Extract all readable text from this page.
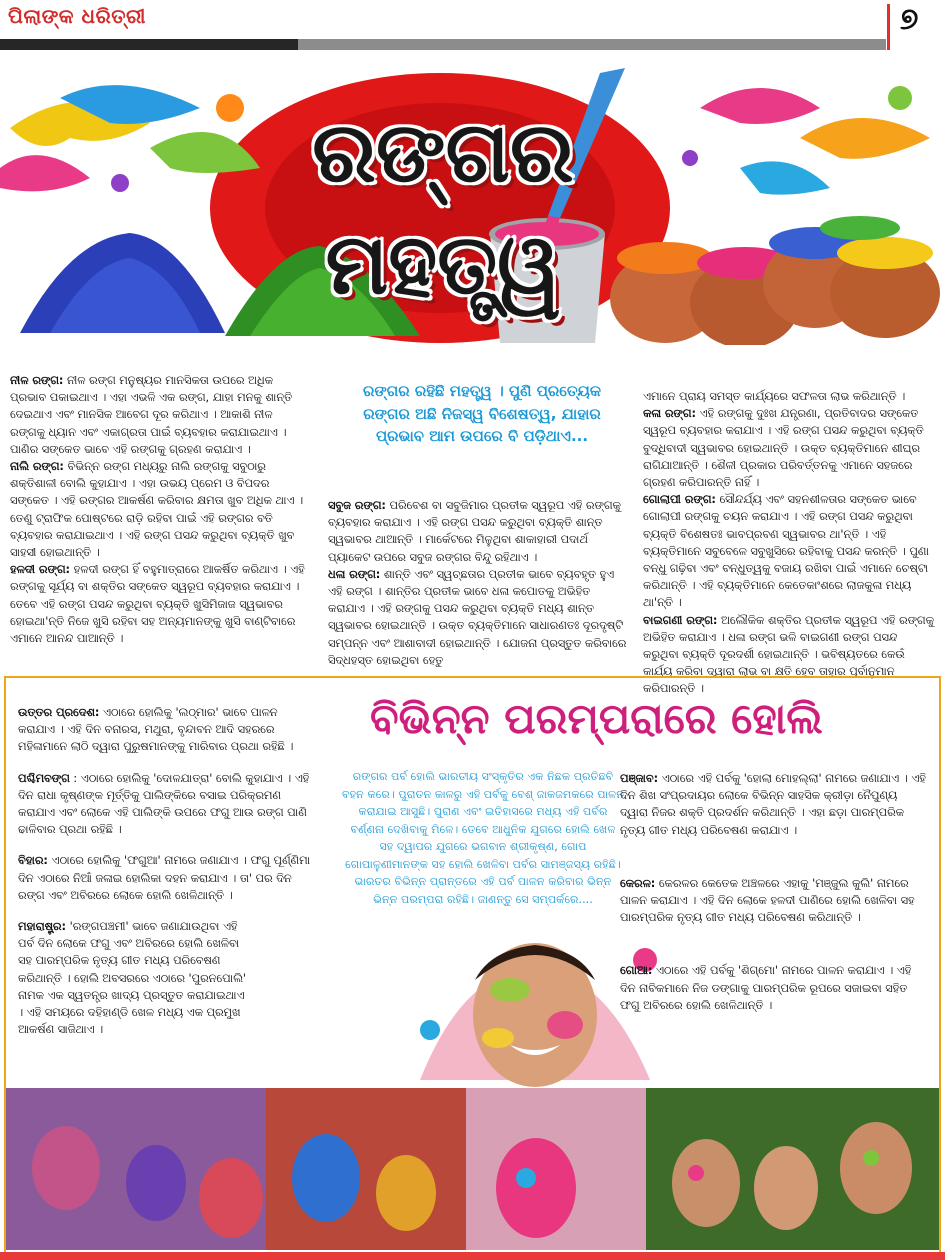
ପିଲାଙ୍କ ଧରିତ୍ରୀ	୭
ରଙ୍ଗର
ମହତ୍ତ୍ୱ

ନୀଳ ରଙ୍ଗ: ନୀଳ ରଙ୍ଗ ମନୁଷ୍ୟର ମାନସିକତା ଉପରେ ଅଧିକ ପ୍ରଭାବ ପକାଇଥାଏ । ଏହା ଏଭଳି ଏକ ରଙ୍ଗ, ଯାହା ମନକୁ ଶାନ୍ତି ଦେଇଥାଏ ଏବଂ ମାନସିକ ଆବେଗ ଦୂର କରିଥାଏ । ଆକାଶି ନୀଳ ରଙ୍ଗକୁ ଧ୍ୟାନ ଏବଂ ଏକାଗ୍ରତା ପାଇଁ ବ୍ୟବହାର କରାଯାଇଥାଏ । ପାଣିର ସଙ୍କେତ ଭାବେ ଏହି ରଙ୍ଗକୁ ଗ୍ରହଣ କରାଯାଏ ।

ନାଲି ରଙ୍ଗ: ବିଭିନ୍ନ ରଙ୍ଗ ମଧ୍ୟରୁ ନାଲି ରଙ୍ଗକୁ ସବୁଠାରୁ ଶକ୍ତିଶାଳୀ ବୋଲି କୁହାଯାଏ । ଏହା ଉଭୟ ପ୍ରେମ ଓ ବିପଦର ସଙ୍କେତ । ଏହି ରଙ୍ଗର ଆକର୍ଷଣ କରିବାର କ୍ଷମତା ଖୁବ ଅଧିକ ଥାଏ । ତେଣୁ ଟ୍ରାଫିକ ପୋଷ୍ଟରେ ରାଡ଼ି ରହିବା ପାଇଁ ଏହି ରଙ୍ଗର ବତି ବ୍ୟବହାର କରାଯାଇଥାଏ । ଏହି ରଙ୍ଗ ପସନ୍ଦ କରୁଥିବା ବ୍ୟକ୍ତି ଖୁବ ସାହସୀ ହୋଇଥାନ୍ତି ।

ହଳଦୀ ରଙ୍ଗ: ହଳଦୀ ରଙ୍ଗ ହିଁ ବହୁମାତ୍ରାରେ ଆକର୍ଷିତ କରିଥାଏ । ଏହି ରଙ୍ଗକୁ ସୂର୍ଯ୍ୟ ବା ଶକ୍ତିର ସଙ୍କେତ ସ୍ୱରୂପ ବ୍ୟବହାର କରାଯାଏ । ତେବେ ଏହି ରଙ୍ଗ ପସନ୍ଦ କରୁଥିବା ବ୍ୟକ୍ତି ଖୁସିମିଜାଜ ସ୍ୱଭାବର ହୋଇଥା'ନ୍ତି ନିଜେ ଖୁସି ରହିବା ସହ ଅନ୍ୟମାନଙ୍କୁ ଖୁସି ବାଣ୍ଟିବାରେ ଏମାନେ ଆନନ୍ଦ ପାଆନ୍ତି ।

ରଙ୍ଗର ରହିଛି ମହତ୍ତ୍ୱ । ପୁଣି ପ୍ରତ୍ୟେକ ରଙ୍ଗର ଅଛି ନିଜସ୍ୱ ବିଶେଷତ୍ୱ, ଯାହାର ପ୍ରଭାବ ଆମ ଉପରେ ବି ପଡ଼ିଥାଏ...

ସବୁଜ ରଙ୍ଗ: ପରିବେଶ ବା ସବୁଜିମାର ପ୍ରତୀକ ସ୍ୱରୂପ ଏହି ରଙ୍ଗକୁ ବ୍ୟବହାର କରାଯାଏ । ଏହି ରଙ୍ଗ ପସନ୍ଦ କରୁଥିବା ବ୍ୟକ୍ତି ଶାନ୍ତ ସ୍ୱଭାବର ଥାଆନ୍ତି । ମାର୍କେଟରେ ମିଳୁଥିବା ଶାକାହାରୀ ପଦାର୍ଥ ପ୍ୟାକେଟ ଉପରେ ସବୁଜ ରଙ୍ଗର ବିନ୍ଦୁ ରହିଥାଏ ।

ଧଳା ରଙ୍ଗ: ଶାନ୍ତି ଏବଂ ସ୍ୱଚ୍ଛତାର ପ୍ରତୀକ ଭାବେ ବ୍ୟବହୃତ ହୁଏ ଏହି ରଙ୍ଗ । ଶାନ୍ତିର ପ୍ରତୀକ ଭାବେ ଧଳା କପୋତକୁ ଅଭିହିତ କରାଯାଏ । ଏହି ରଙ୍ଗକୁ ପସନ୍ଦ କରୁଥିବା ବ୍ୟକ୍ତି ମଧ୍ୟ ଶାନ୍ତ ସ୍ୱଭାବର ହୋଇଥାନ୍ତି । ଉକ୍ତ ବ୍ୟକ୍ତିମାନେ ସାଧାରଣତଃ ଦୂରଦୃଷ୍ଟି ସମ୍ପନ୍ନ ଏବଂ ଆଶାବାଦୀ ହୋଇଥାନ୍ତି । ଯୋଜନା ପ୍ରସ୍ତୁତ କରିବାରେ ସିଦ୍ଧହସ୍ତ ହୋଇଥିବା ହେତୁ

ଏମାନେ ପ୍ରାୟ ସମସ୍ତ କାର୍ଯ୍ୟରେ ସଫଳତା ଲାଭ କରିଥାନ୍ତି ।

କଳା ରଙ୍ଗ: ଏହି ରଙ୍ଗକୁ ଦୁଃଖ ଯନ୍ତ୍ରଣା, ପ୍ରତିବାଦର ସଙ୍କେତ ସ୍ୱରୂପ ବ୍ୟବହାର କରାଯାଏ । ଏହି ରଙ୍ଗ ପସନ୍ଦ କରୁଥିବା ବ୍ୟକ୍ତି ବୁଦ୍ଧିବାଦୀ ସ୍ୱଭାବର ହୋଇଥାନ୍ତି । ଉକ୍ତ ବ୍ୟକ୍ତିମାନେ ଶୀଘ୍ର ରାଗିଯାଆନ୍ତି । ଶୈଳୀ ପ୍ରକାର ପରିବର୍ତ୍ତନକୁ ଏମାନେ ସହଜରେ ଗ୍ରହଣ କରିପାରନ୍ତି ନାହିଁ ।

ଗୋଲାପୀ ରଙ୍ଗ: ସୌନ୍ଦର୍ଯ୍ୟ ଏବଂ ସହନଶୀଳତାର ସଙ୍କେତ ଭାବେ ଗୋଲାପୀ ରଙ୍ଗକୁ ଚୟନ କରାଯାଏ । ଏହି ରଙ୍ଗ ପସନ୍ଦ କରୁଥିବା ବ୍ୟକ୍ତି ବିଶେଷତଃ ଭାବପ୍ରବଣ ସ୍ୱଭାବର ଥା'ନ୍ତି । ଏହି ବ୍ୟକ୍ତିମାନେ ସବୁବେଳେ ସବୁଖୁସିରେ ରହିବାକୁ ପସନ୍ଦ କରନ୍ତି । ପୁଣା ବନ୍ଧୁ ଗଢ଼ିବା ଏବଂ ବନ୍ଧୁତ୍ୱକୁ ବଜାୟ ରଖିବା ପାଇଁ ଏମାନେ ଚେଷ୍ଟା କରିଥାନ୍ତି । ଏହି ବ୍ୟକ୍ତିମାନେ କେତେକାଂଶରେ ଲାଜକୁଳା ମଧ୍ୟ ଥା'ନ୍ତି ।

ବାଇଗଣୀ ରଙ୍ଗ: ଅଲୌକିକ ଶକ୍ତିର ପ୍ରତୀକ ସ୍ୱରୂପ ଏହି ରଙ୍ଗକୁ ଅଭିହିତ କରାଯାଏ । ଧଳା ରଙ୍ଗ ଭଳି ବାଇଗଣୀ ରଙ୍ଗ ପସନ୍ଦ କରୁଥିବା ବ୍ୟକ୍ତି ଦୂରଦର୍ଶୀ ହୋଇଥାନ୍ତି । ଭବିଷ୍ୟତରେ କେଉଁ କାର୍ଯ୍ୟ କରିବା ଦ୍ୱାରା ଲାଭ ବା କ୍ଷତି ହେବ ତାହାର ପୂର୍ବାନୁମାନ କରିପାରନ୍ତି ।

ବିଭିନ୍ନ ପରମ୍ପରାରେ ହୋଲି

ଉତ୍ତର ପ୍ରଦେଶ: ଏଠାରେ ହୋଲିକୁ 'ଲଠ୍‌ମାର' ଭାବେ ପାଳନ କରାଯାଏ । ଏହି ଦିନ ବନାରସ, ମଥୁରା, ବୃନ୍ଦାବନ ଆଦି ସହରରେ ମହିଳାମାନେ ଲାଠି ଦ୍ୱାରା ପୁରୁଷମାନଙ୍କୁ ମାରିବାର ପ୍ରଥା ରହିଛି ।

ପଶ୍ଚିମବଙ୍ଗ : ଏଠାରେ ହୋଲିକୁ 'ଦୋଳଯାତ୍ରା' ବୋଲି କୁହାଯାଏ । ଏହି ଦିନ ରାଧା କୃଷ୍ଣଙ୍କ ମୂର୍ତ୍ତିକୁ ପାଲିଙ୍କିରେ ବସାଇ ପରିକ୍ରମଣ କରାଯାଏ ଏବଂ ଲୋକେ ଏହି ପାଲିଙ୍କି ଉପରେ ଫଗୁ ଆଉ ରଙ୍ଗ ପାଣି ଢାଳିବାର ପ୍ରଥା ରହିଛି ।

ବିହାର: ଏଠାରେ ହୋଲିକୁ 'ଫଗୁଆ' ନାମରେ ଜଣାଯାଏ । ଫଗୁ ପୂର୍ଣ୍ଣିମା ଦିନ ଏଠାରେ ନିଆଁ ଜଳାଇ ହୋଲିକା ଦହନ କରାଯାଏ । ତା' ପର ଦିନ ରଙ୍ଗ ଏବଂ ଅବିରରେ ଲୋକେ ହୋଲି ଖେଳିଥାନ୍ତି ।

ମହାରାଷ୍ଟ୍ର: 'ରଙ୍ଗପଞ୍ଚମୀ' ଭାବେ ଜଣାଯାଉଥିବା ଏହି ପର୍ବ ଦିନ ଲୋକେ ଫଗୁ ଏବଂ ଅବିରରେ ହୋଲି ଖେଳିବା ସହ ପାରମ୍ପରିକ ନୃତ୍ୟ ଗୀତ ମଧ୍ୟ ପରିବେଷଣ କରିଥାନ୍ତି । ହୋଲି ଅବସରରେ ଏଠାରେ 'ପୁରନପୋଲି' ନାମକ ଏକ ସ୍ୱତନ୍ତ୍ର ଖାଦ୍ୟ ପ୍ରସ୍ତୁତ କରାଯାଇଥାଏ । ଏହି ସମୟରେ ଦହିହାଣ୍ଡି ଖେଳ ମଧ୍ୟ ଏକ ପ୍ରମୁଖ ଆକର୍ଷଣ ସାଜିଥାଏ ।

ରଙ୍ଗର ପର୍ବ ହୋଲି ଭାରତୀୟ ସଂସ୍କୃତିର ଏକ ନିଛକ ପ୍ରତିଛବି ବହନ କରେ। ପୁରାତନ କାଳରୁ ଏହି ପର୍ବକୁ ବେଶ୍ ଜାକଜମକରେ ପାଳନ କରାଯାଇ ଆସୁଛି। ପୁରାଣ ଏବଂ ଇତିହାସରେ ମଧ୍ୟ ଏହି ପର୍ବର ବର୍ଣ୍ଣନା ଦେଖିବାକୁ ମିଳେ। ତେବେ ଆଧୁନିକ ଯୁଗରେ ହୋଲି ଖେଳ ସହ ଦ୍ୱାପର ଯୁଗରେ ଭଗବାନ ଶ୍ରୀକୃଷ୍ଣ, ଗୋପ ଗୋପାଳୁଣୀମାନଙ୍କ ସହ ହୋଲି ଖେଳିବା ପର୍ବର ସାମଞ୍ଜସ୍ୟ ରହିଛି। ଭାରତର ବିଭିନ୍ନ ପ୍ରାନ୍ତରେ ଏହି ପର୍ବ ପାଳନ କରିବାର ଭିନ୍ନ ଭିନ୍ନ ପରମ୍ପରା ରହିଛି। ଜାଣନ୍ତୁ ସେ ସମ୍ପର୍କରେ....

ପଞ୍ଜାବ: ଏଠାରେ ଏହି ପର୍ବକୁ 'ହୋଲା ମୋହଲ୍ଲା' ନାମରେ ଜଣାଯାଏ । ଏହି ଦିନ ଶିଖ ସଂପ୍ରଦାୟର ଲୋକେ ବିଭିନ୍ନ ସାହସିକ କ୍ରୀଡ଼ା ନୈପୁଣ୍ୟ ଦ୍ୱାରା ନିଜର ଶକ୍ତି ପ୍ରଦର୍ଶନ କରିଥାନ୍ତି । ଏହା ଛଡ଼ା ପାରମ୍ପରିକ ନୃତ୍ୟ ଗୀତ ମଧ୍ୟ ପରିବେଷଣ କରାଯାଏ ।

କେରଳ: କେରଳର କେତେକ ଅଞ୍ଚଳରେ ଏହାକୁ 'ମଞ୍ଜୁଲ କୁଲି' ନାମରେ ପାଳନ କରାଯାଏ । ଏହି ଦିନ ଲୋକେ ହଳଦୀ ପାଣିରେ ହୋଲି ଖେଳିବା ସହ ପାରମ୍ପରିକ ନୃତ୍ୟ ଗୀତ ମଧ୍ୟ ପରିବେଷଣ କରିଥାନ୍ତି ।

ଗୋଆ: ଏଠାରେ ଏହି ପର୍ବକୁ 'ଶିଗ୍‌ମୋ' ନାମରେ ପାଳନ କରାଯାଏ । ଏହି ଦିନ ନାବିକମାନେ ନିଜ ଡଙ୍ଗାକୁ ପାରମ୍ପରିକ ରୂପରେ ସଜାଇବା ସହିତ ଫଗୁ ଅବିରରେ ହୋଲି ଖେଳିଥାନ୍ତି ।
